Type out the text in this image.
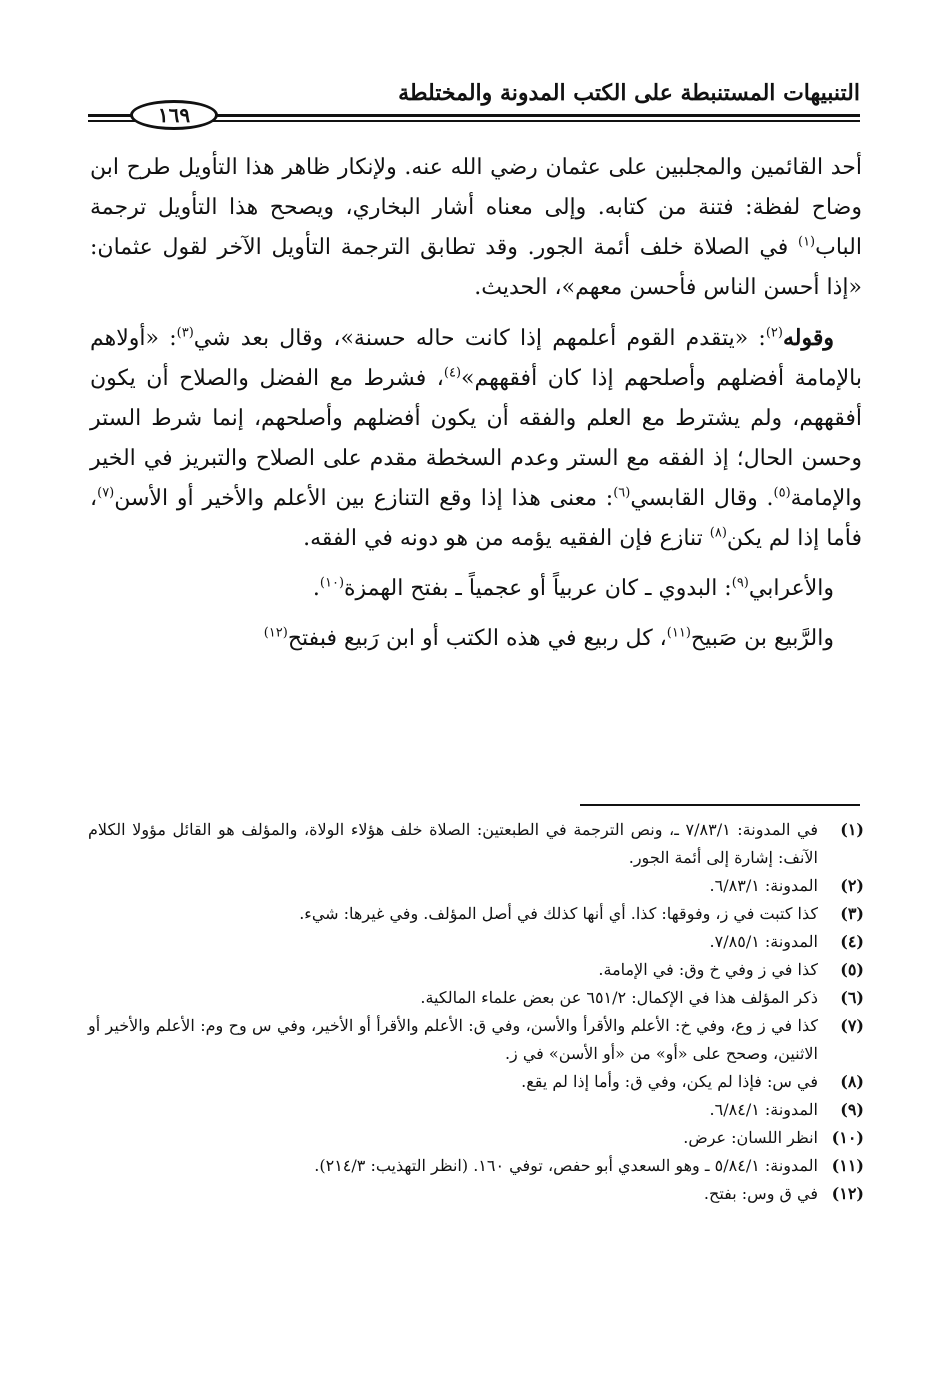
التنبيهات المستنبطة على الكتب المدونة والمختلطة
١٦٩

أحد القائمين والمجلبين على عثمان رضي الله عنه. ولإنكار ظاهر هذا التأويل طرح ابن وضاح لفظة: فتنة من كتابه. وإلى معناه أشار البخاري، ويصحح هذا التأويل ترجمة الباب$^{(١)}$ في الصلاة خلف أئمة الجور. وقد تطابق الترجمة التأويل الآخر لقول عثمان: «إذا أحسن الناس فأحسن معهم»، الحديث.

وقوله$^{(٢)}$: «يتقدم القوم أعلمهم إذا كانت حاله حسنة»، وقال بعد شي$^{(٣)}$: «أولاهم بالإمامة أفضلهم وأصلحهم إذا كان أفقههم»$^{(٤)}$، فشرط مع الفضل والصلاح أن يكون أفقههم، ولم يشترط مع العلم والفقه أن يكون أفضلهم وأصلحهم، إنما شرط الستر وحسن الحال؛ إذ الفقه مع الستر وعدم السخطة مقدم على الصلاح والتبريز في الخير والإمامة$^{(٥)}$. وقال القابسي$^{(٦)}$: معنى هذا إذا وقع التنازع بين الأعلم والأخير أو الأسن$^{(٧)}$، فأما إذا لم يكن$^{(٨)}$ تنازع فإن الفقيه يؤمه من هو دونه في الفقه.

والأعرابي$^{(٩)}$: البدوي ـ كان عربياً أو عجمياً ـ بفتح الهمزة$^{(١٠)}$.

والرَّبيع بن صَبيح$^{(١١)}$، كل ربيع في هذه الكتب أو ابن رَبيع فبفتح$^{(١٢)}$

(١)
في المدونة: ٧/٨٣/١ ـ، ونص الترجمة في الطبعتين: الصلاة خلف هؤلاء الولاة، والمؤلف هو القائل مؤولا الكلام الآنف: إشارة إلى أئمة الجور.
(٢)
المدونة: ٦/٨٣/١.
(٣)
كذا كتبت في ز، وفوقها: كذا. أي أنها كذلك في أصل المؤلف. وفي غيرها: شيء.
(٤)
المدونة: ٧/٨٥/١.
(٥)
كذا في ز وفي خ وق: في الإمامة.
(٦)
ذكر المؤلف هذا في الإكمال: ٦٥١/٢ عن بعض علماء المالكية.
(٧)
كذا في ز وع، وفي خ: الأعلم والأقرأ والأسن، وفي ق: الأعلم والأقرأ أو الأخير، وفي س وح وم: الأعلم والأخير أو الاثنين، وصحح على «أو» من «أو الأسن» في ز.
(٨)
في س: فإذا لم يكن، وفي ق: وأما إذا لم يقع.
(٩)
المدونة: ٦/٨٤/١.
(١٠)
انظر اللسان: عرض.
(١١)
المدونة: ٥/٨٤/١ ـ وهو السعدي أبو حفص، توفي ١٦٠. (انظر التهذيب: ٢١٤/٣).
(١٢)
في ق وس: بفتح.
